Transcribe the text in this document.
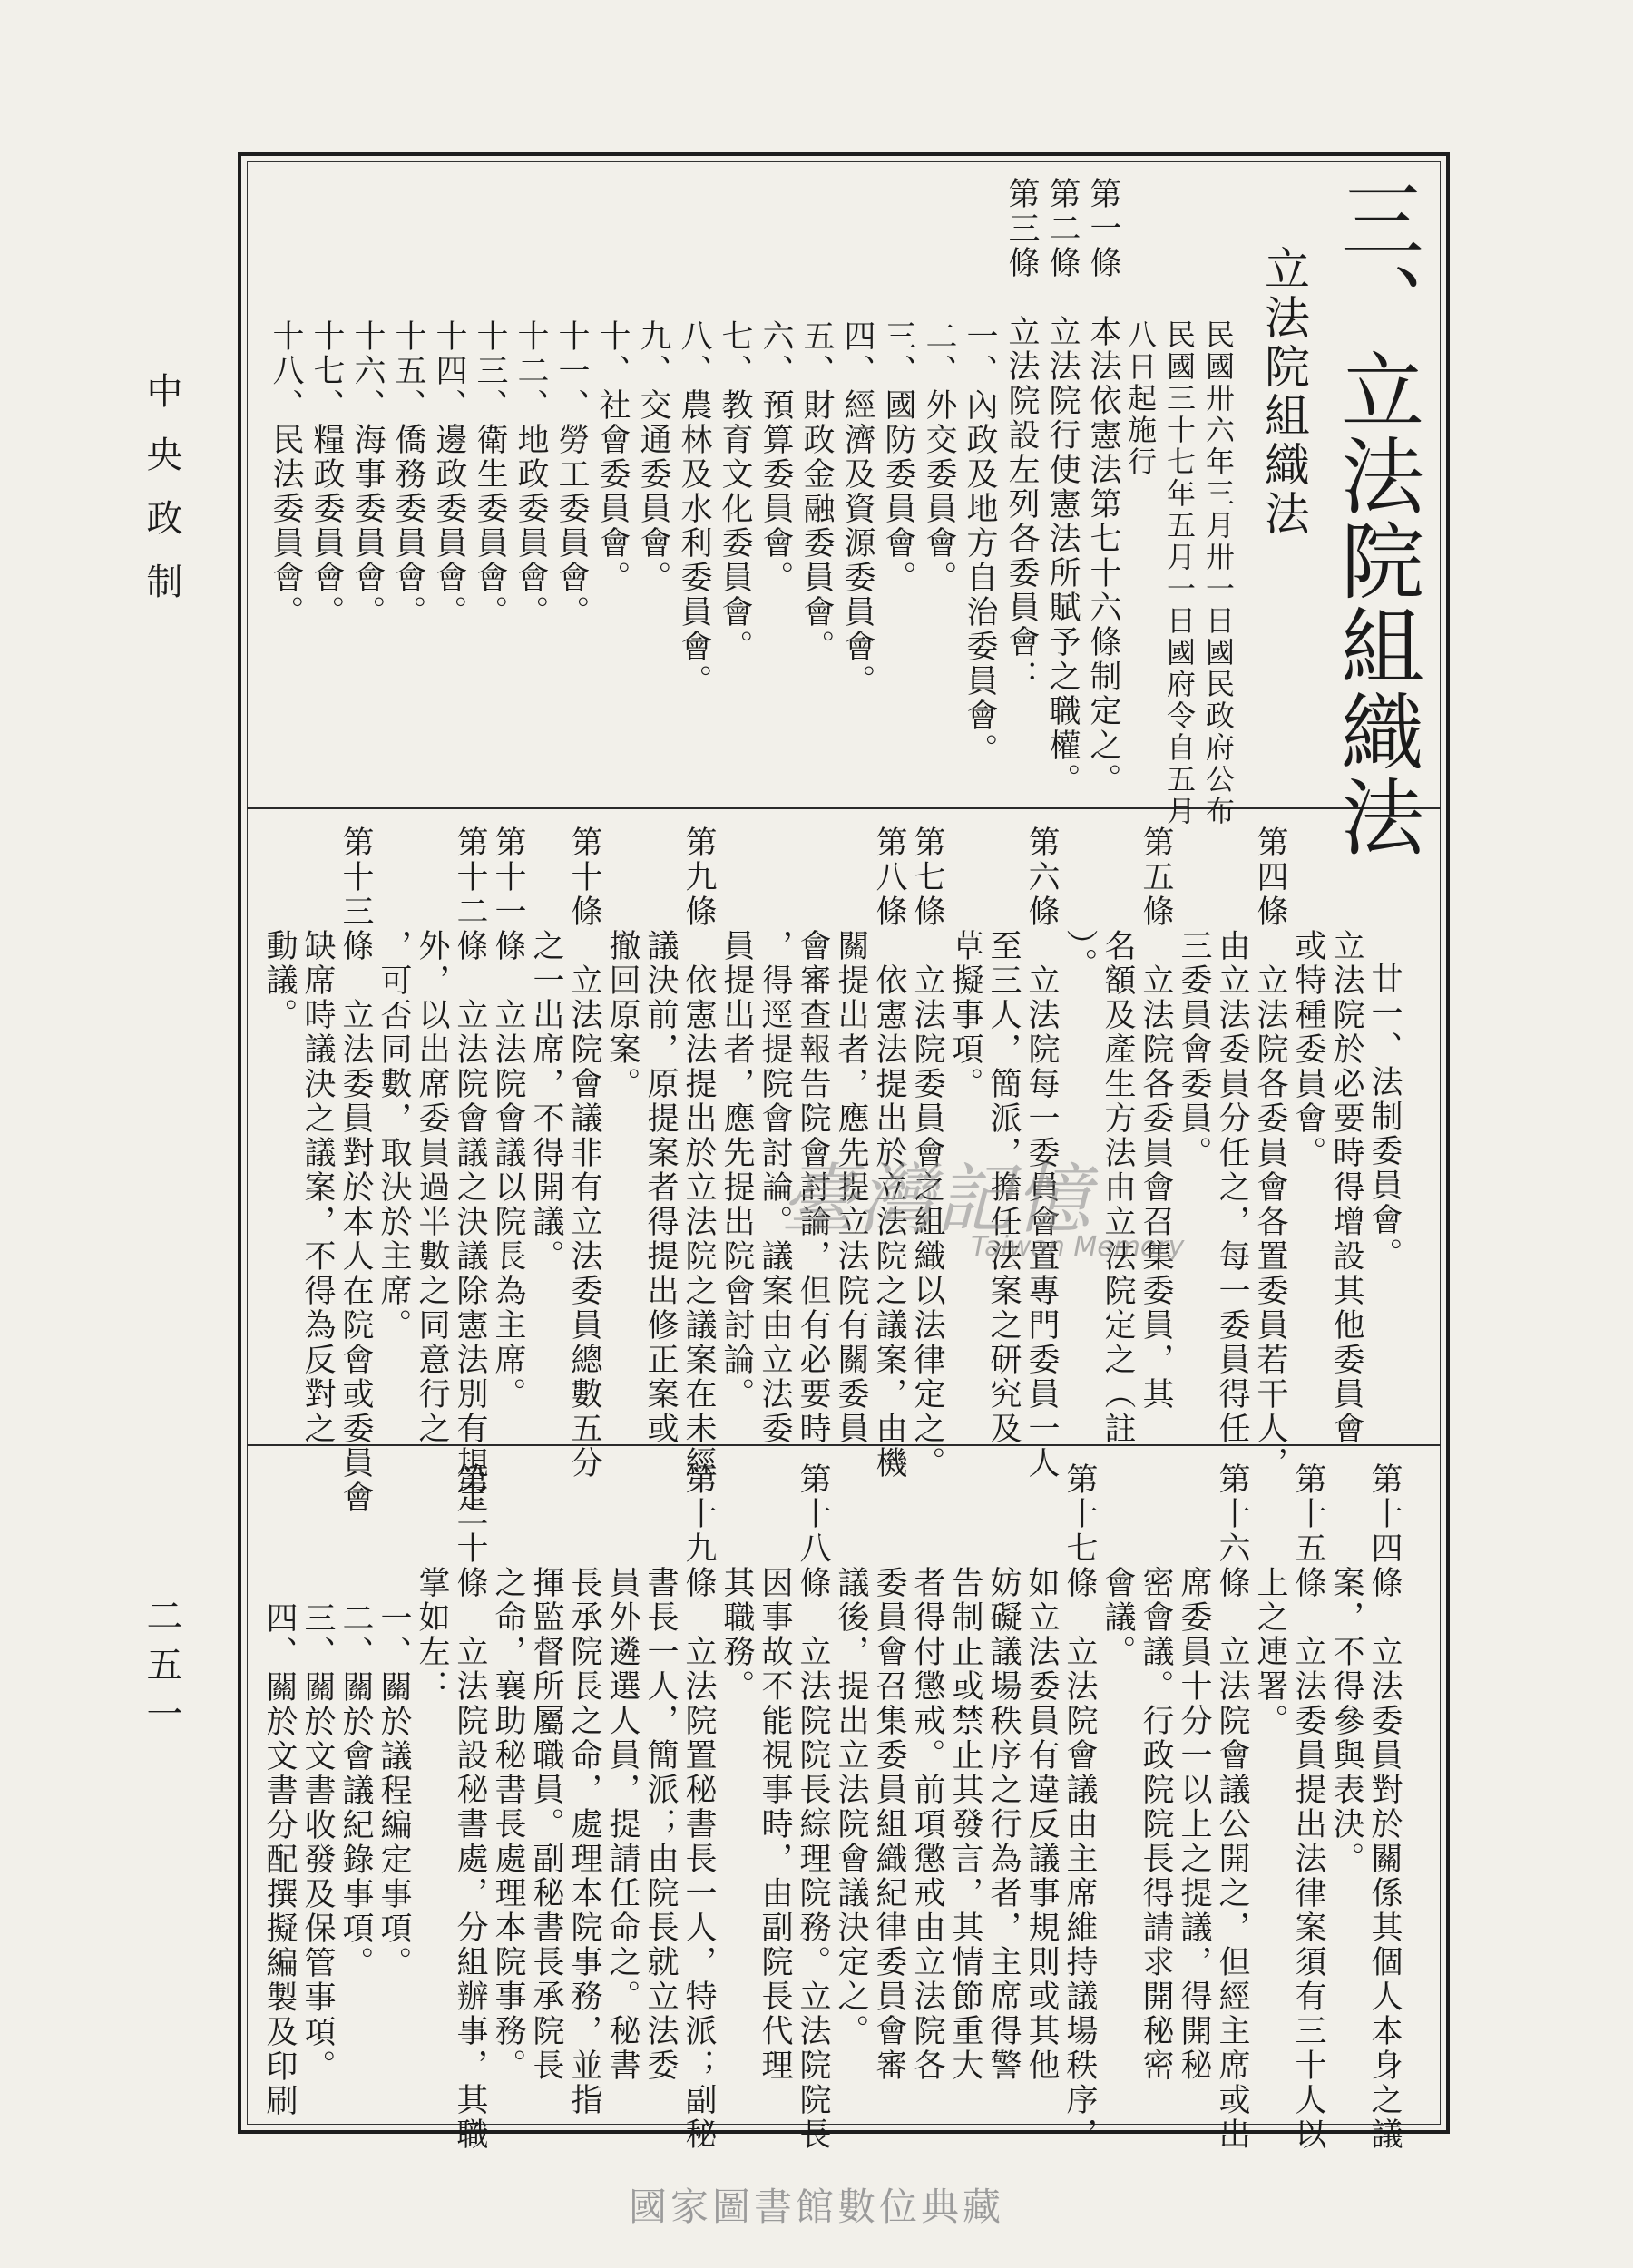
中央政制
二五一
三、立法院組織法
立法院組織法
民國卅六年三月卅一日國民政府公布
民國三十七年五月一日國府令自五月
八日起施行
第一條　本法依憲法第七十六條制定之。
第二條　立法院行使憲法所賦予之職權。
第三條　立法院設左列各委員會：
一、內政及地方自治委員會。
二、外交委員會。
三、國防委員會。
四、經濟及資源委員會。
五、財政金融委員會。
六、預算委員會。
七、教育文化委員會。
八、農林及水利委員會。
九、交通委員會。
十、社會委員會。
十一、勞工委員會。
十二、地政委員會。
十三、衛生委員會。
十四、邊政委員會。
十五、僑務委員會。
十六、海事委員會。
十七、糧政委員會。
十八、民法委員會。
廿一、法制委員會。
　　　立法院於必要時得增設其他委員會
　　　或特種委員會。
第四條　立法院各委員會各置委員若干人，
　　　由立法委員分任之，每一委員得任
　　　三委員會委員。
第五條　立法院各委員會召集委員，其
　　　名額及產生方法由立法院定之（註
　　　）。
第六條　立法院每一委員會置專門委員一人
　　　至三人，簡派，擔任法案之研究及
　　　草擬事項。
第七條　立法院委員會之組織以法律定之。
第八條　依憲法提出於立法院之議案，由機
　　　關提出者，應先提立法院有關委員
　　　會審查報告院會討論，但有必要時
　　　，得逕提院會討論。議案由立法委
　　　員提出者，應先提出院會討論。
第九條　依憲法提出於立法院之議案在未經
　　　議決前，原提案者得提出修正案或
　　　撤回原案。
第十條　立法院會議非有立法委員總數五分
　　　之一出席，不得開議。
第十一條　立法院會議以院長為主席。
第十二條　立法院會議之決議除憲法別有規定
　　　外，以出席委員過半數之同意行之
　　　，可否同數，取決於主席。
第十三條　立法委員對於本人在院會或委員會
　　　缺席時議決之議案，不得為反對之
　　　動議。
第十四條　立法委員對於關係其個人本身之議
　　　案，不得參與表決。
第十五條　立法委員提出法律案須有三十人以
　　　上之連署。
第十六條　立法院會議公開之，但經主席或出
　　　席委員十分一以上之提議，得開秘
　　　密會議。行政院院長得請求開秘密
　　　會議。
第十七條　立法院會議由主席維持議場秩序，
　　　如立法委員有違反議事規則或其他
　　　妨礙議場秩序之行為者，主席得警
　　　告制止或禁止其發言，其情節重大
　　　者得付懲戒。前項懲戒由立法院各
　　　委員會召集委員組織紀律委員會審
　　　議後，提出立法院會議決定之。
第十八條　立法院院長綜理院務。立法院院長
　　　因事故不能視事時，由副院長代理
　　　其職務。
第十九條　立法院置秘書長一人，特派；副秘
　　　書長一人，簡派；由院長就立法委
　　　員外遴選人員，提請任命之。秘書
　　　長承院長之命，處理本院事務，並指
　　　揮監督所屬職員。副秘書長承院長
　　　之命，襄助秘書長處理本院事務。
第二十條　立法院設秘書處，分組辦事，其職
　　　掌如左：
一、關於議程編定事項。
二、關於會議紀錄事項。
三、關於文書收發及保管事項。
四、關於文書分配撰擬編製及印刷
臺灣記憶
Taiwan Memory
國家圖書館數位典藏
